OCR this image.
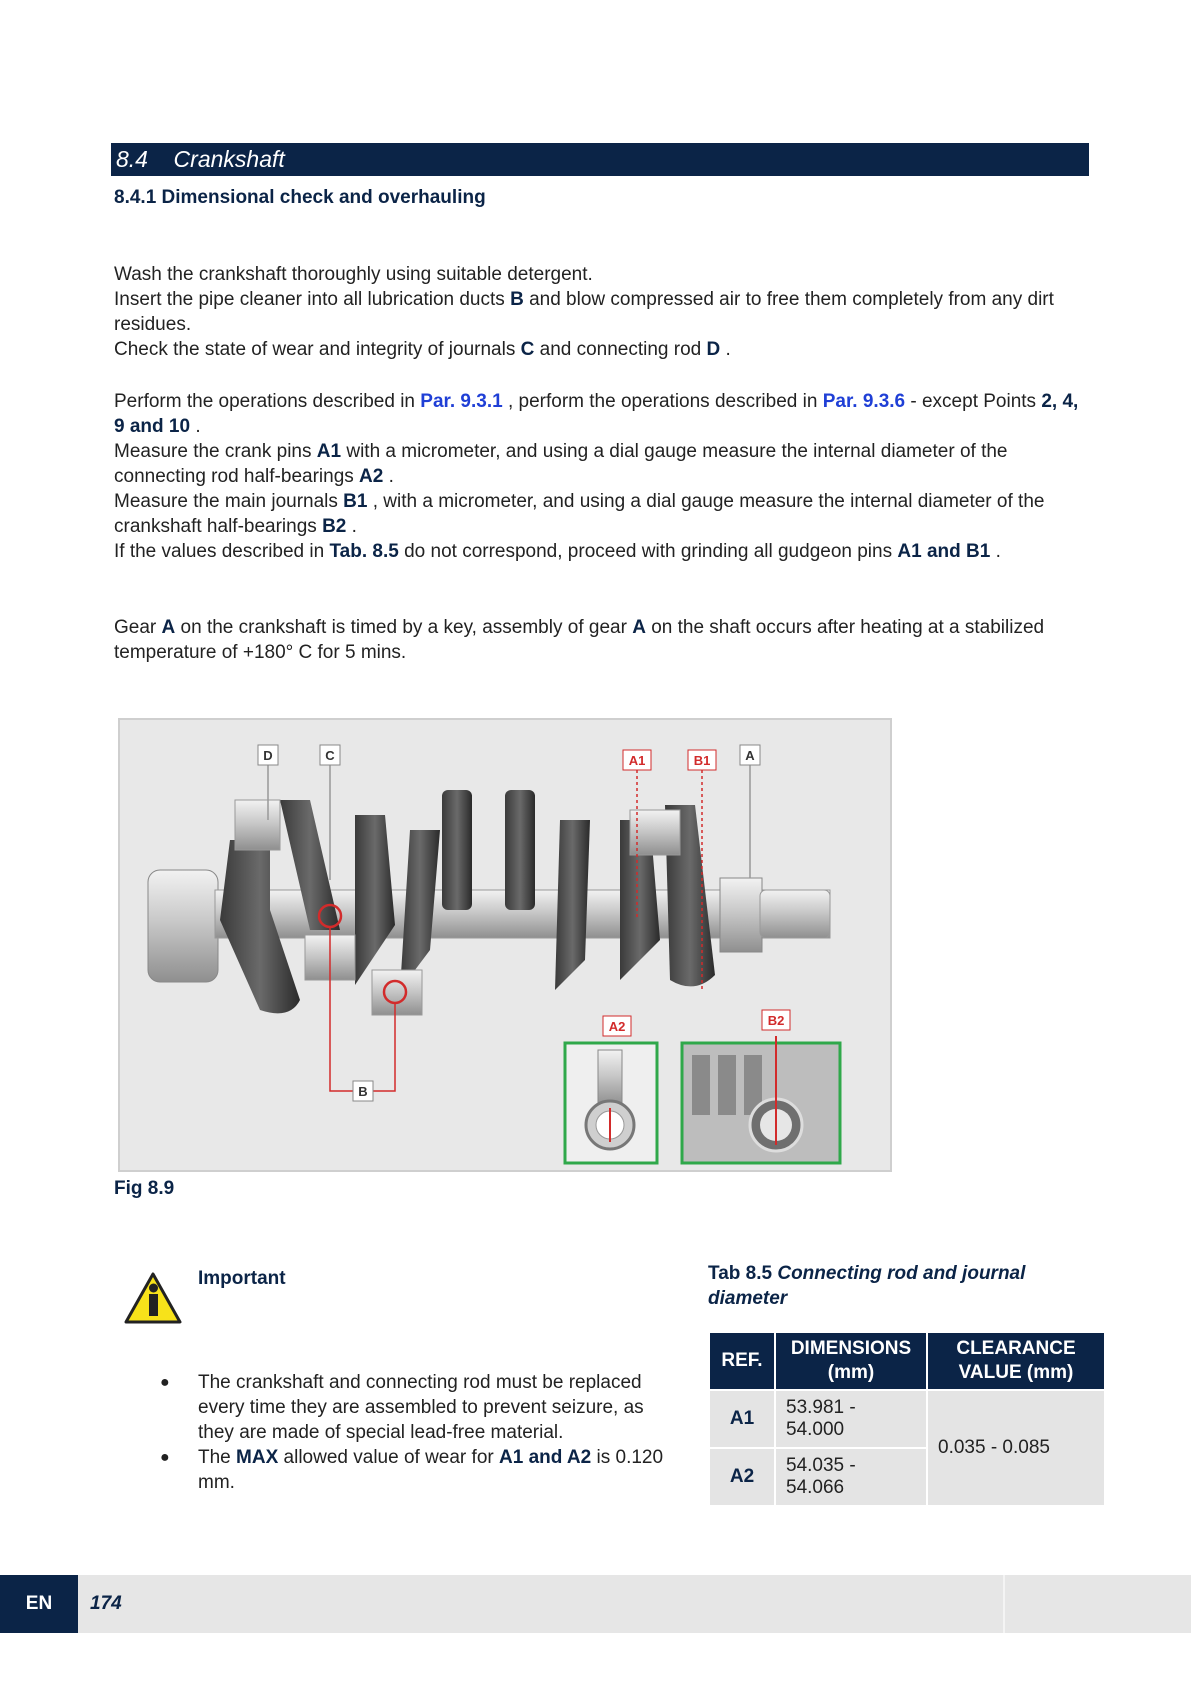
8.4 Crankshaft
8.4.1 Dimensional check and overhauling
Wash the crankshaft thoroughly using suitable detergent.
Insert the pipe cleaner into all lubrication ducts B and blow compressed air to free them completely from any dirt residues.
Check the state of wear and integrity of journals C and connecting rod D .
Perform the operations described in Par. 9.3.1 , perform the operations described in Par. 9.3.6 - except Points 2, 4, 9 and 10 .
Measure the crank pins A1 with a micrometer, and using a dial gauge measure the internal diameter of the connecting rod half-bearings A2 .
Measure the main journals B1 , with a micrometer, and using a dial gauge measure the internal diameter of the crankshaft half-bearings B2 .
If the values described in Tab. 8.5 do not correspond, proceed with grinding all gudgeon pins A1 and B1 .
Gear A on the crankshaft is timed by a key, assembly of gear A on the shaft occurs after heating at a stabilized temperature of +180° C for 5 mins.
D	C	A1	B1	A
B
A2	B2
Fig 8.9
Important
● The crankshaft and connecting rod must be replaced every time they are assembled to prevent seizure, as they are made of special lead-free material.
● The MAX allowed value of wear for A1 and A2 is 0.120 mm.
Tab 8.5 Connecting rod and journal diameter
REF.	DIMENSIONS (mm)	CLEARANCE VALUE (mm)
A1	53.981 - 54.000	0.035 - 0.085
A2	54.035 - 54.066	
EN	174
